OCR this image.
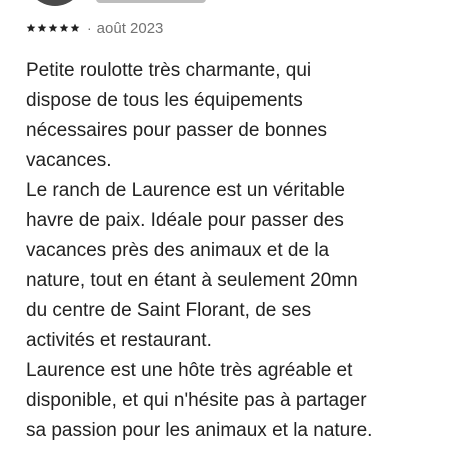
· août 2023

Petite roulotte très charmante, qui
dispose de tous les équipements
nécessaires pour passer de bonnes
vacances.
Le ranch de Laurence est un véritable
havre de paix. Idéale pour passer des
vacances près des animaux et de la
nature, tout en étant à seulement 20mn
du centre de Saint Florant, de ses
activités et restaurant.
Laurence est une hôte très agréable et
disponible, et qui n'hésite pas à partager
sa passion pour les animaux et la nature.
